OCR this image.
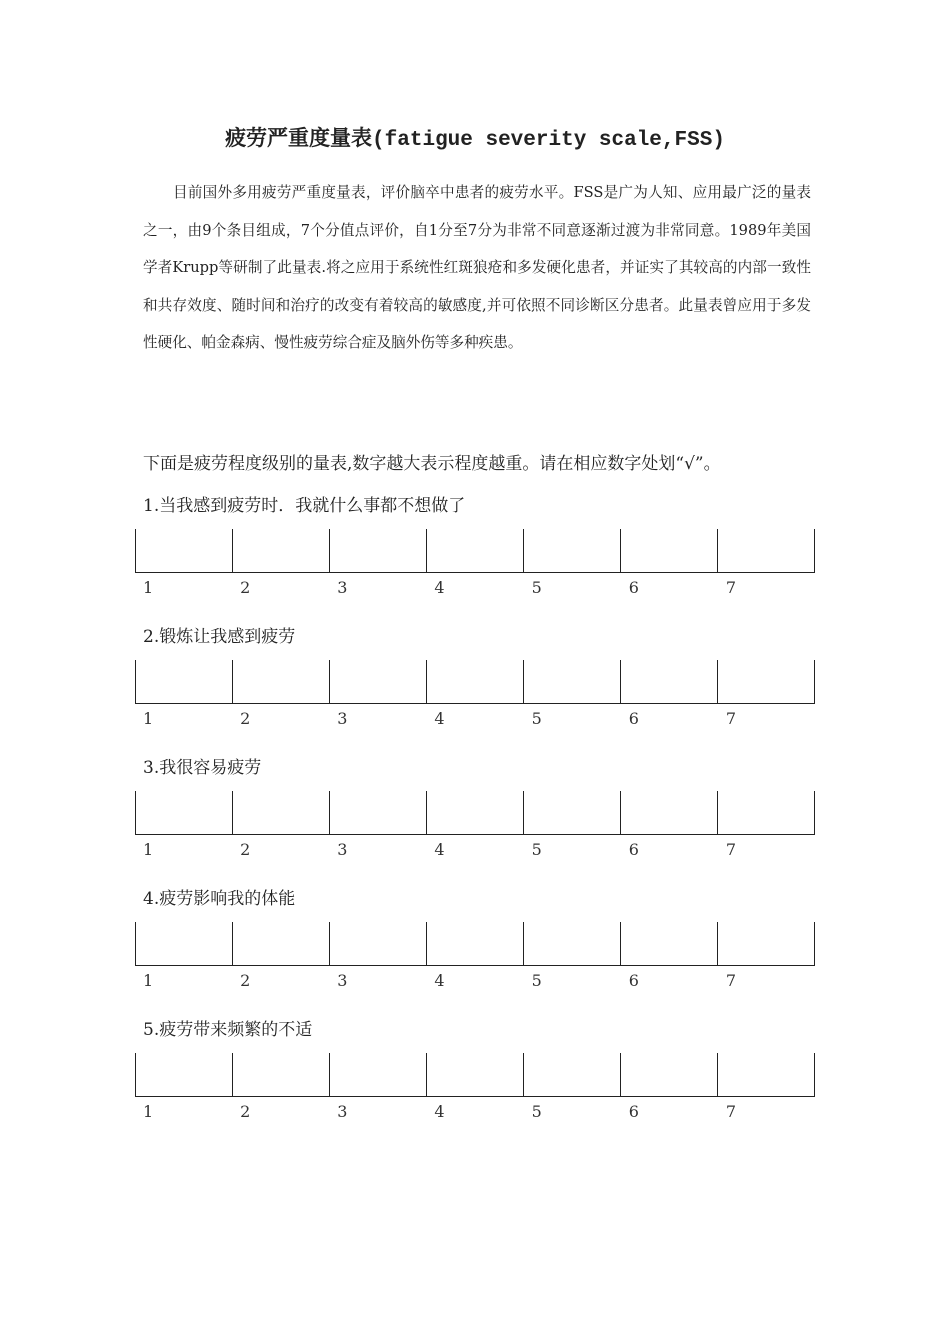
疲劳严重度量表(fatigue severity scale,FSS)

目前国外多用疲劳严重度量表，评价脑卒中患者的疲劳水平。FSS是广为人知、应用最广泛的量表之一，由9个条目组成，7个分值点评价，自1分至7分为非常不同意逐渐过渡为非常同意。1989年美国学者Krupp等研制了此量表.将之应用于系统性红斑狼疮和多发硬化患者，并证实了其较高的内部一致性和共存效度、随时间和治疗的改变有着较高的敏感度,并可依照不同诊断区分患者。此量表曾应用于多发性硬化、帕金森病、慢性疲劳综合症及脑外伤等多种疾患。

下面是疲劳程度级别的量表,数字越大表示程度越重。请在相应数字处划“√”。

1.当我感到疲劳时．我就什么事都不想做了
1	2	3	4	5	6	7
2.锻炼让我感到疲劳
1	2	3	4	5	6	7
3.我很容易疲劳
1	2	3	4	5	6	7
4.疲劳影响我的体能
1	2	3	4	5	6	7
5.疲劳带来频繁的不适
1	2	3	4	5	6	7
